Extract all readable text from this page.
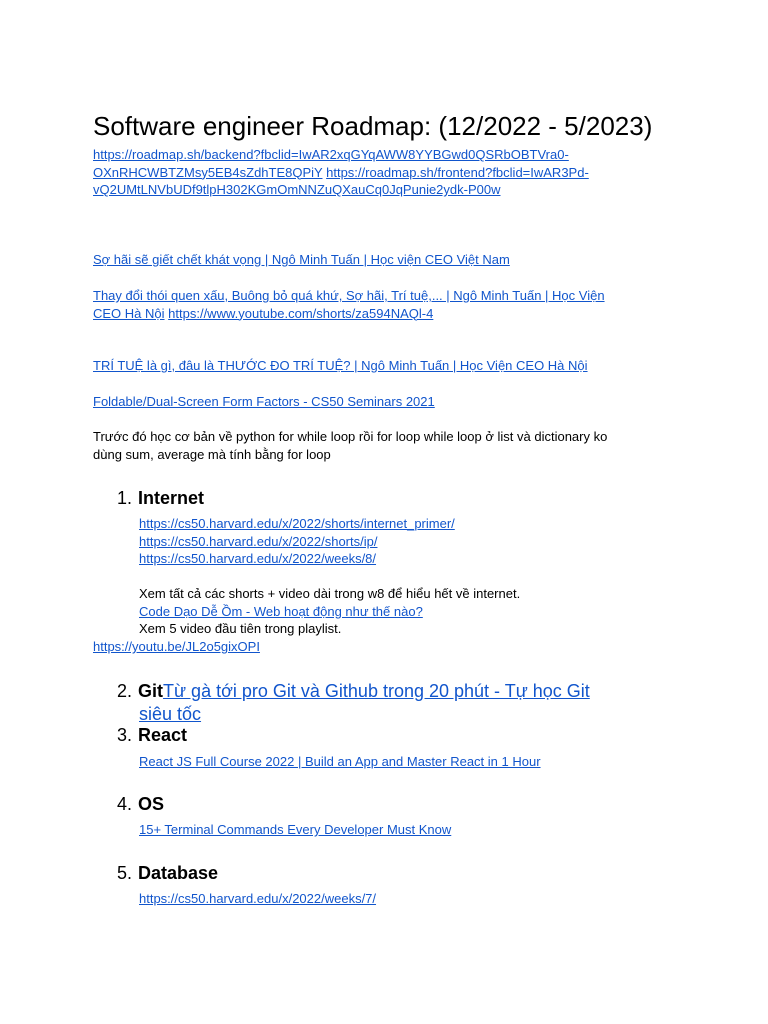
Software engineer Roadmap: (12/2022 - 5/2023)
https://roadmap.sh/backend?fbclid=IwAR2xqGYqAWW8YYBGwd0QSRbOBTVra0- OXnRHCWBTZMsy5EB4sZdhTE8QPiY https://roadmap.sh/frontend?fbclid=IwAR3Pd- vQ2UMtLNVbUDf9tlpH302KGmOmNNZuQXauCq0JqPunie2ydk-P00w
Sợ hãi sẽ giết chết khát vọng | Ngô Minh Tuấn | Học viện CEO Việt Nam
Thay đổi thói quen xấu, Buông bỏ quá khứ, Sợ hãi, Trí tuệ,... | Ngô Minh Tuấn | Học Viện CEO Hà Nội https://www.youtube.com/shorts/za594NAQl-4
TRÍ TUỆ là gì, đâu là THƯỚC ĐO TRÍ TUỆ? | Ngô Minh Tuấn | Học Viện CEO Hà Nội
Foldable/Dual-Screen Form Factors - CS50 Seminars 2021
Trước đó học cơ bản về python for while loop rồi for loop while loop ở list và dictionary ko dùng sum, average mà tính bằng for loop
1. Internet
https://cs50.harvard.edu/x/2022/shorts/internet_primer/
https://cs50.harvard.edu/x/2022/shorts/ip/
https://cs50.harvard.edu/x/2022/weeks/8/
Xem tất cả các shorts + video dài trong w8 để hiểu hết về internet.
Code Dạo Dễ Ồm - Web hoạt động như thế nào?
Xem 5 video đầu tiên trong playlist.
https://youtu.be/JL2o5gixOPI
2. GitTừ gà tới pro Git và Github trong 20 phút - Tự học Git
siêu tốc
3. React
React JS Full Course 2022 | Build an App and Master React in 1 Hour
4. OS
15+ Terminal Commands Every Developer Must Know
5. Database
https://cs50.harvard.edu/x/2022/weeks/7/
